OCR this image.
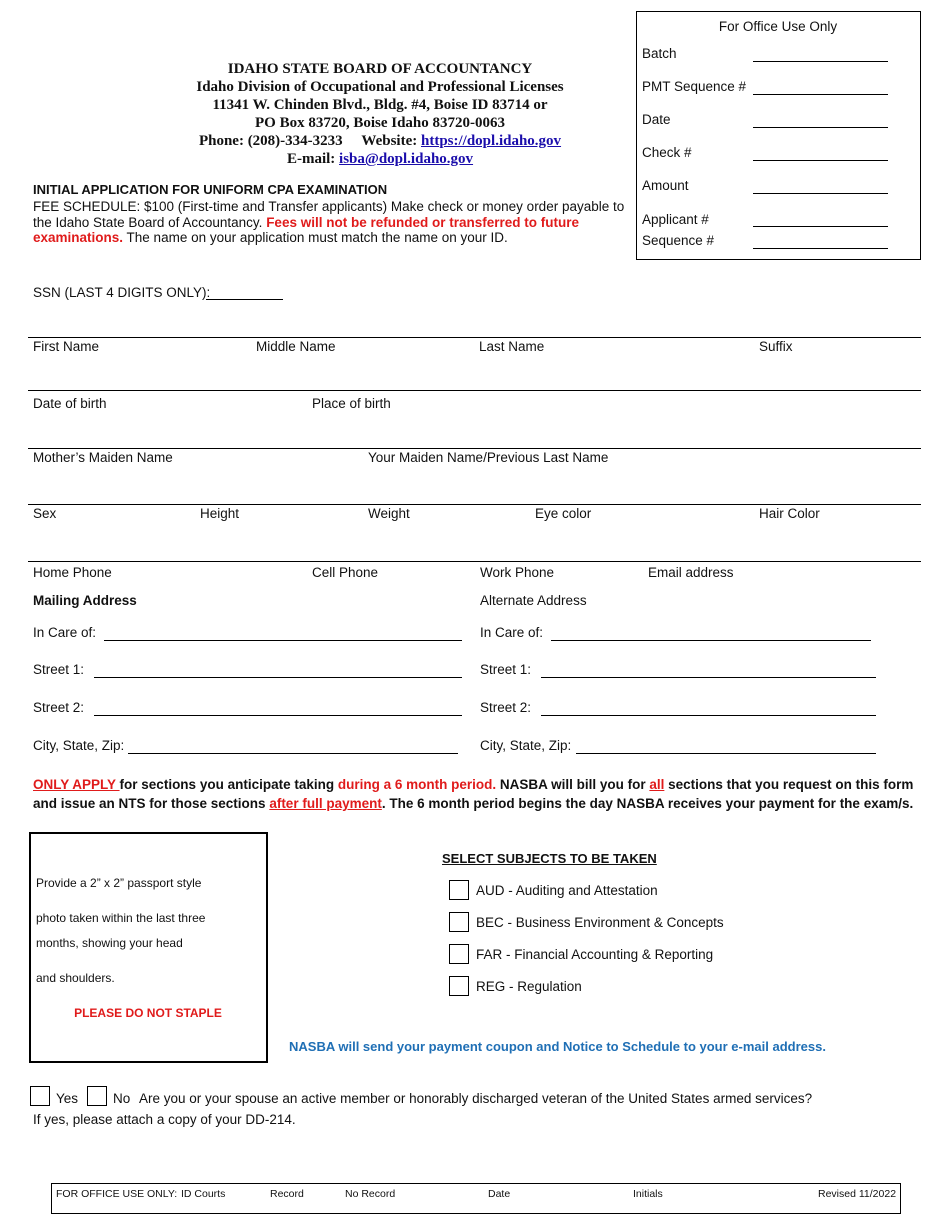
For Office Use Only
Batch
PMT Sequence #
Date
Check #
Amount
Applicant #
Sequence #
IDAHO STATE BOARD OF ACCOUNTANCY
Idaho Division of Occupational and Professional Licenses
11341 W. Chinden Blvd., Bldg. #4, Boise ID 83714 or
PO Box 83720, Boise Idaho 83720-0063
Phone: (208)-334-3233 Website: https://dopl.idaho.gov
E-mail: isba@dopl.idaho.gov
INITIAL APPLICATION FOR UNIFORM CPA EXAMINATION
FEE SCHEDULE: $100 (First-time and Transfer applicants) Make check or money order payable to the Idaho State Board of Accountancy. Fees will not be refunded or transferred to future examinations. The name on your application must match the name on your ID.
SSN (LAST 4 DIGITS ONLY):
First Name	Middle Name	Last Name	Suffix
Date of birth	Place of birth
Mother’s Maiden Name	Your Maiden Name/Previous Last Name
Sex	Height	Weight	Eye color	Hair Color
Home Phone	Cell Phone	Work Phone	Email address
Mailing Address	Alternate Address
In Care of:	In Care of:
Street 1:	Street 1:
Street 2:	Street 2:
City, State, Zip:	City, State, Zip:
ONLY APPLY for sections you anticipate taking during a 6 month period. NASBA will bill you for all sections that you request on this form
and issue an NTS for those sections after full payment. The 6 month period begins the day NASBA receives your payment for the exam/s.
Provide a 2” x 2” passport style
photo taken within the last three
months, showing your head
and shoulders.
PLEASE DO NOT STAPLE
SELECT SUBJECTS TO BE TAKEN
AUD - Auditing and Attestation
BEC - Business Environment & Concepts
FAR - Financial Accounting & Reporting
REG - Regulation
NASBA will send your payment coupon and Notice to Schedule to your e-mail address.
Yes	No Are you or your spouse an active member or honorably discharged veteran of the United States armed services?
If yes, please attach a copy of your DD-214.
FOR OFFICE USE ONLY: ID Courts	Record	No Record	Date	Initials	Revised 11/2022
